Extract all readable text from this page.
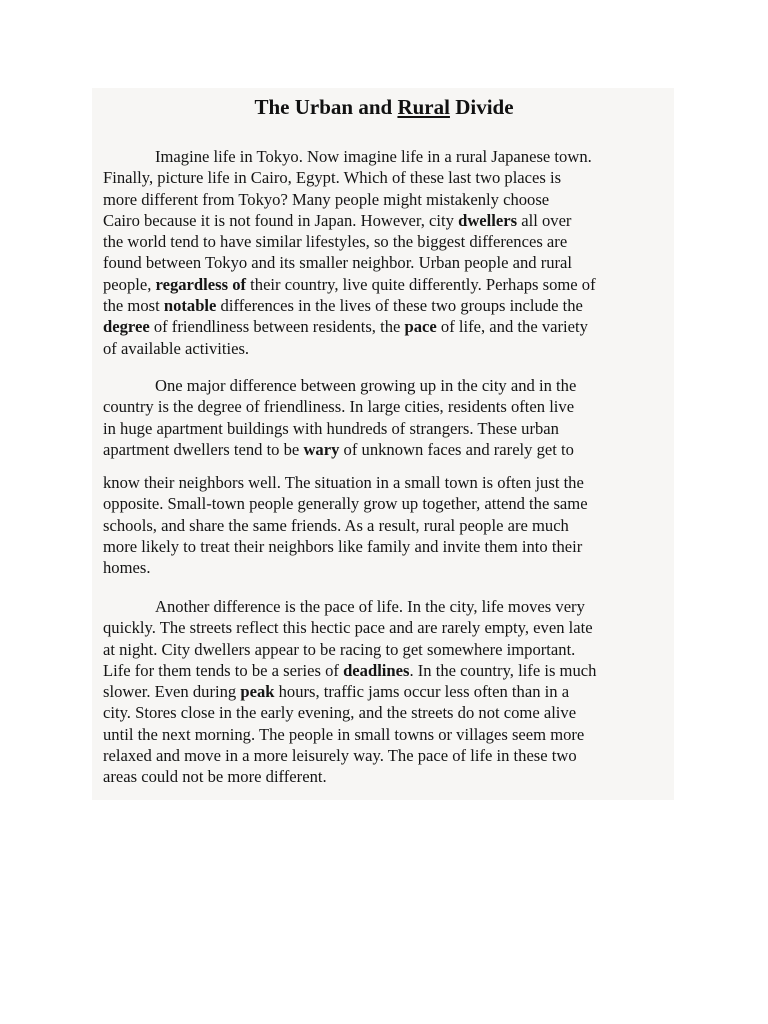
The Urban and Rural Divide
Imagine life in Tokyo. Now imagine life in a rural Japanese town.
Finally, picture life in Cairo, Egypt. Which of these last two places is
more different from Tokyo? Many people might mistakenly choose
Cairo because it is not found in Japan. However, city dwellers all over
the world tend to have similar lifestyles, so the biggest differences are
found between Tokyo and its smaller neighbor. Urban people and rural
people, regardless of their country, live quite differently. Perhaps some of
the most notable differences in the lives of these two groups include the
degree of friendliness between residents, the pace of life, and the variety
of available activities.
One major difference between growing up in the city and in the
country is the degree of friendliness. In large cities, residents often live
in huge apartment buildings with hundreds of strangers. These urban
apartment dwellers tend to be wary of unknown faces and rarely get to
know their neighbors well. The situation in a small town is often just the
opposite. Small-town people generally grow up together, attend the same
schools, and share the same friends. As a result, rural people are much
more likely to treat their neighbors like family and invite them into their
homes.
Another difference is the pace of life. In the city, life moves very
quickly. The streets reflect this hectic pace and are rarely empty, even late
at night. City dwellers appear to be racing to get somewhere important.
Life for them tends to be a series of deadlines. In the country, life is much
slower. Even during peak hours, traffic jams occur less often than in a
city. Stores close in the early evening, and the streets do not come alive
until the next morning. The people in small towns or villages seem more
relaxed and move in a more leisurely way. The pace of life in these two
areas could not be more different.
